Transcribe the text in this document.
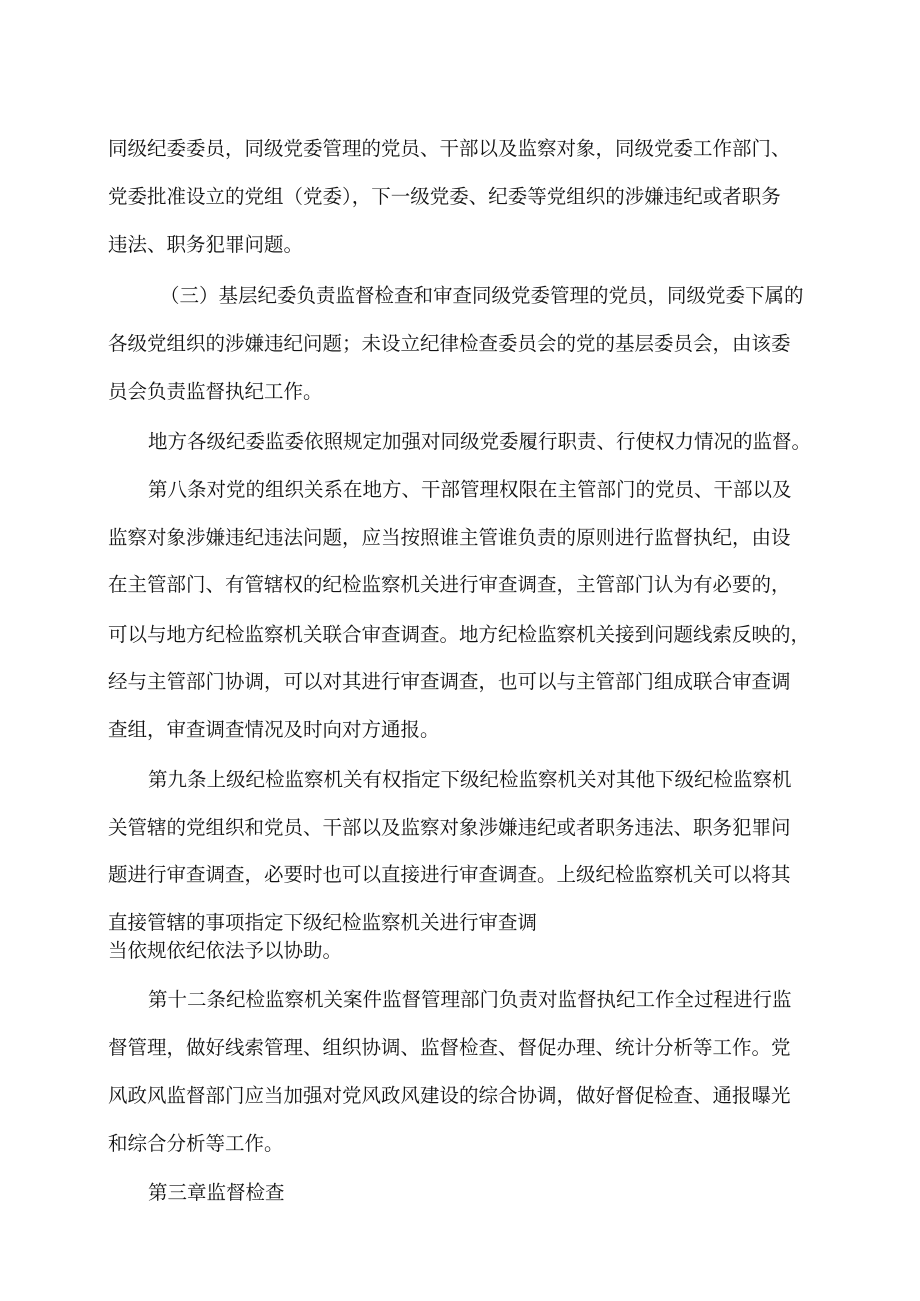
同级纪委委员，同级党委管理的党员、干部以及监察对象，同级党委工作部门、
党委批准设立的党组（党委），下一级党委、纪委等党组织的涉嫌违纪或者职务
违法、职务犯罪问题。
（三）基层纪委负责监督检查和审查同级党委管理的党员，同级党委下属的
各级党组织的涉嫌违纪问题；未设立纪律检查委员会的党的基层委员会，由该委
员会负责监督执纪工作。
地方各级纪委监委依照规定加强对同级党委履行职责、行使权力情况的监督。
第八条对党的组织关系在地方、干部管理权限在主管部门的党员、干部以及
监察对象涉嫌违纪违法问题，应当按照谁主管谁负责的原则进行监督执纪，由设
在主管部门、有管辖权的纪检监察机关进行审查调查，主管部门认为有必要的，
可以与地方纪检监察机关联合审查调查。地方纪检监察机关接到问题线索反映的，
经与主管部门协调，可以对其进行审查调查，也可以与主管部门组成联合审查调
查组，审查调查情况及时向对方通报。
第九条上级纪检监察机关有权指定下级纪检监察机关对其他下级纪检监察机
关管辖的党组织和党员、干部以及监察对象涉嫌违纪或者职务违法、职务犯罪问
题进行审查调查，必要时也可以直接进行审查调查。上级纪检监察机关可以将其
直接管辖的事项指定下级纪检监察机关进行审查调
当依规依纪依法予以协助。
第十二条纪检监察机关案件监督管理部门负责对监督执纪工作全过程进行监
督管理，做好线索管理、组织协调、监督检查、督促办理、统计分析等工作。党
风政风监督部门应当加强对党风政风建设的综合协调，做好督促检查、通报曝光
和综合分析等工作。
第三章监督检查
